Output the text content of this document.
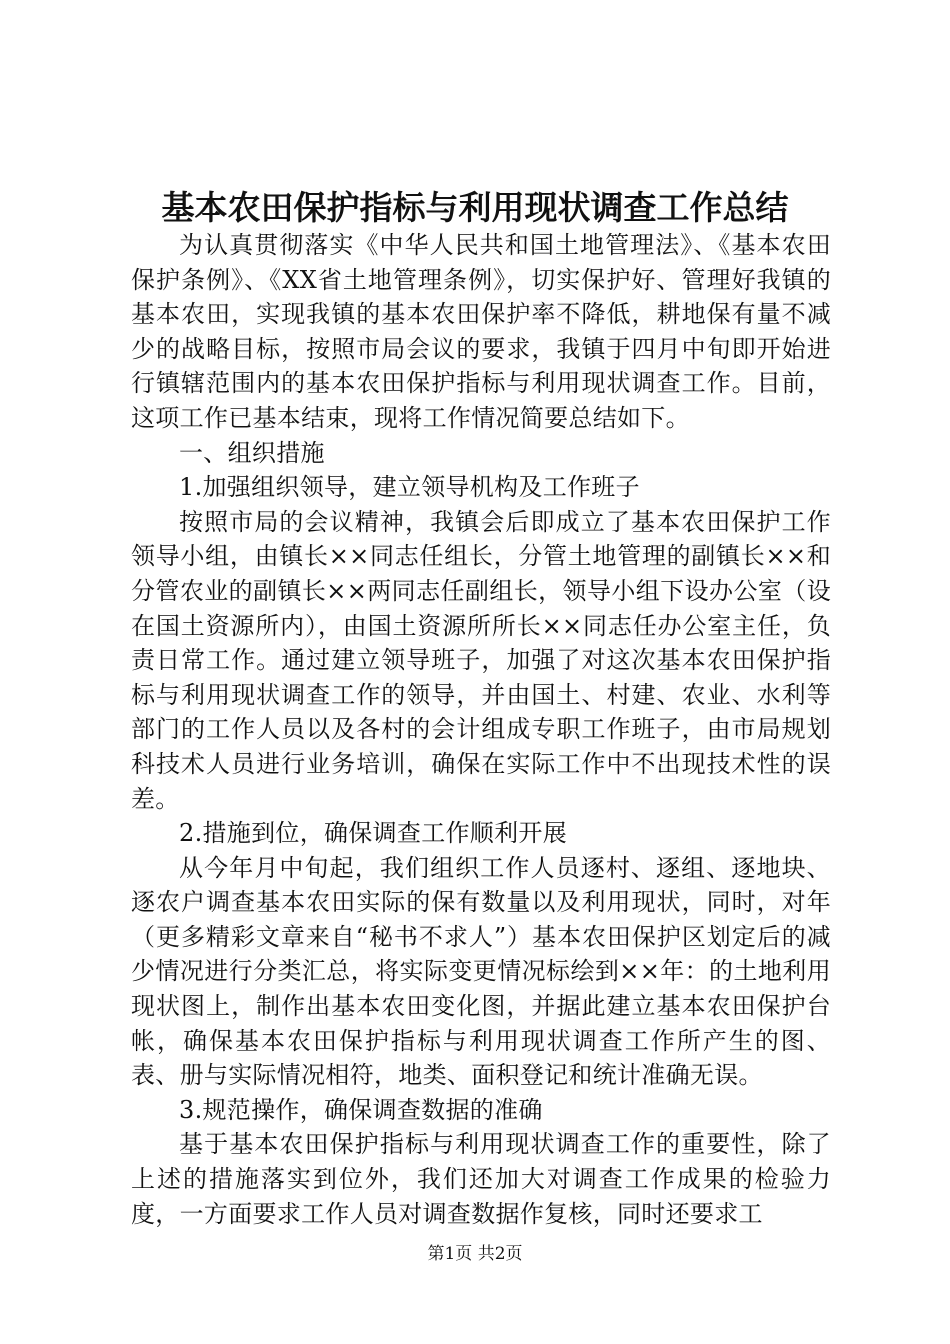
基本农田保护指标与利用现状调查工作总结

为认真贯彻落实《中华人民共和国土地管理法》、《基本农田保护条例》、《XX省土地管理条例》，切实保护好、管理好我镇的基本农田，实现我镇的基本农田保护率不降低，耕地保有量不减少的战略目标，按照市局会议的要求，我镇于四月中旬即开始进行镇辖范围内的基本农田保护指标与利用现状调查工作。目前，这项工作已基本结束，现将工作情况简要总结如下。

一、组织措施

1.加强组织领导，建立领导机构及工作班子

按照市局的会议精神，我镇会后即成立了基本农田保护工作领导小组，由镇长××同志任组长，分管土地管理的副镇长××和分管农业的副镇长××两同志任副组长，领导小组下设办公室（设在国土资源所内），由国土资源所所长××同志任办公室主任，负责日常工作。通过建立领导班子，加强了对这次基本农田保护指标与利用现状调查工作的领导，并由国土、村建、农业、水利等部门的工作人员以及各村的会计组成专职工作班子，由市局规划科技术人员进行业务培训，确保在实际工作中不出现技术性的误差。

2.措施到位，确保调查工作顺利开展

从今年月中旬起，我们组织工作人员逐村、逐组、逐地块、逐农户调查基本农田实际的保有数量以及利用现状，同时，对年（更多精彩文章来自“秘书不求人”）基本农田保护区划定后的减少情况进行分类汇总，将实际变更情况标绘到××年：的土地利用现状图上，制作出基本农田变化图，并据此建立基本农田保护台帐，确保基本农田保护指标与利用现状调查工作所产生的图、表、册与实际情况相符，地类、面积登记和统计准确无误。

3.规范操作，确保调查数据的准确

基于基本农田保护指标与利用现状调查工作的重要性，除了上述的措施落实到位外，我们还加大对调查工作成果的检验力度，一方面要求工作人员对调查数据作复核，同时还要求工

第1页 共2页
